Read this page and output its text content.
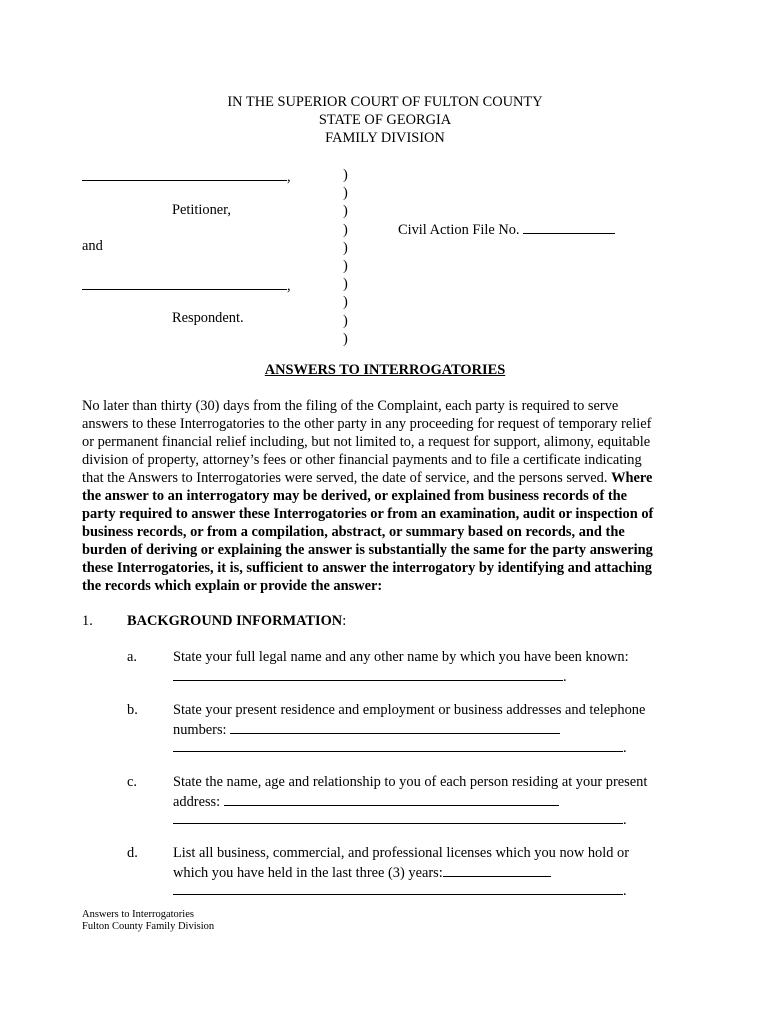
IN THE SUPERIOR COURT OF FULTON COUNTY
STATE OF GEORGIA
FAMILY DIVISION
,
Petitioner,
and
,
Respondent.
)
)
)
)
)
)
)
)
)
)
Civil Action File No.
ANSWERS TO INTERROGATORIES
No later than thirty (30) days from the filing of the Complaint, each party is required to serve
answers to these Interrogatories to the other party in any proceeding for request of temporary relief
or permanent financial relief including, but not limited to, a request for support, alimony, equitable
division of property, attorney’s fees or other financial payments and to file a certificate indicating
that the Answers to Interrogatories were served, the date of service, and the persons served. Where
the answer to an interrogatory may be derived, or explained from business records of the
party required to answer these Interrogatories or from an examination, audit or inspection of
business records, or from a compilation, abstract, or summary based on records, and the
burden of deriving or explaining the answer is substantially the same for the party answering
these Interrogatories, it is, sufficient to answer the interrogatory by identifying and attaching
the records which explain or provide the answer:
1. BACKGROUND INFORMATION:
a.	State your full legal name and any other name by which you have been known:
.
b. State your present residence and employment or business addresses and telephone
numbers:
.
c.	State the name, age and relationship to you of each person residing at your present
address:
.
d. List all business, commercial, and professional licenses which you now hold or
which you have held in the last three (3) years:
.
Answers to Interrogatories
Fulton County Family Division
